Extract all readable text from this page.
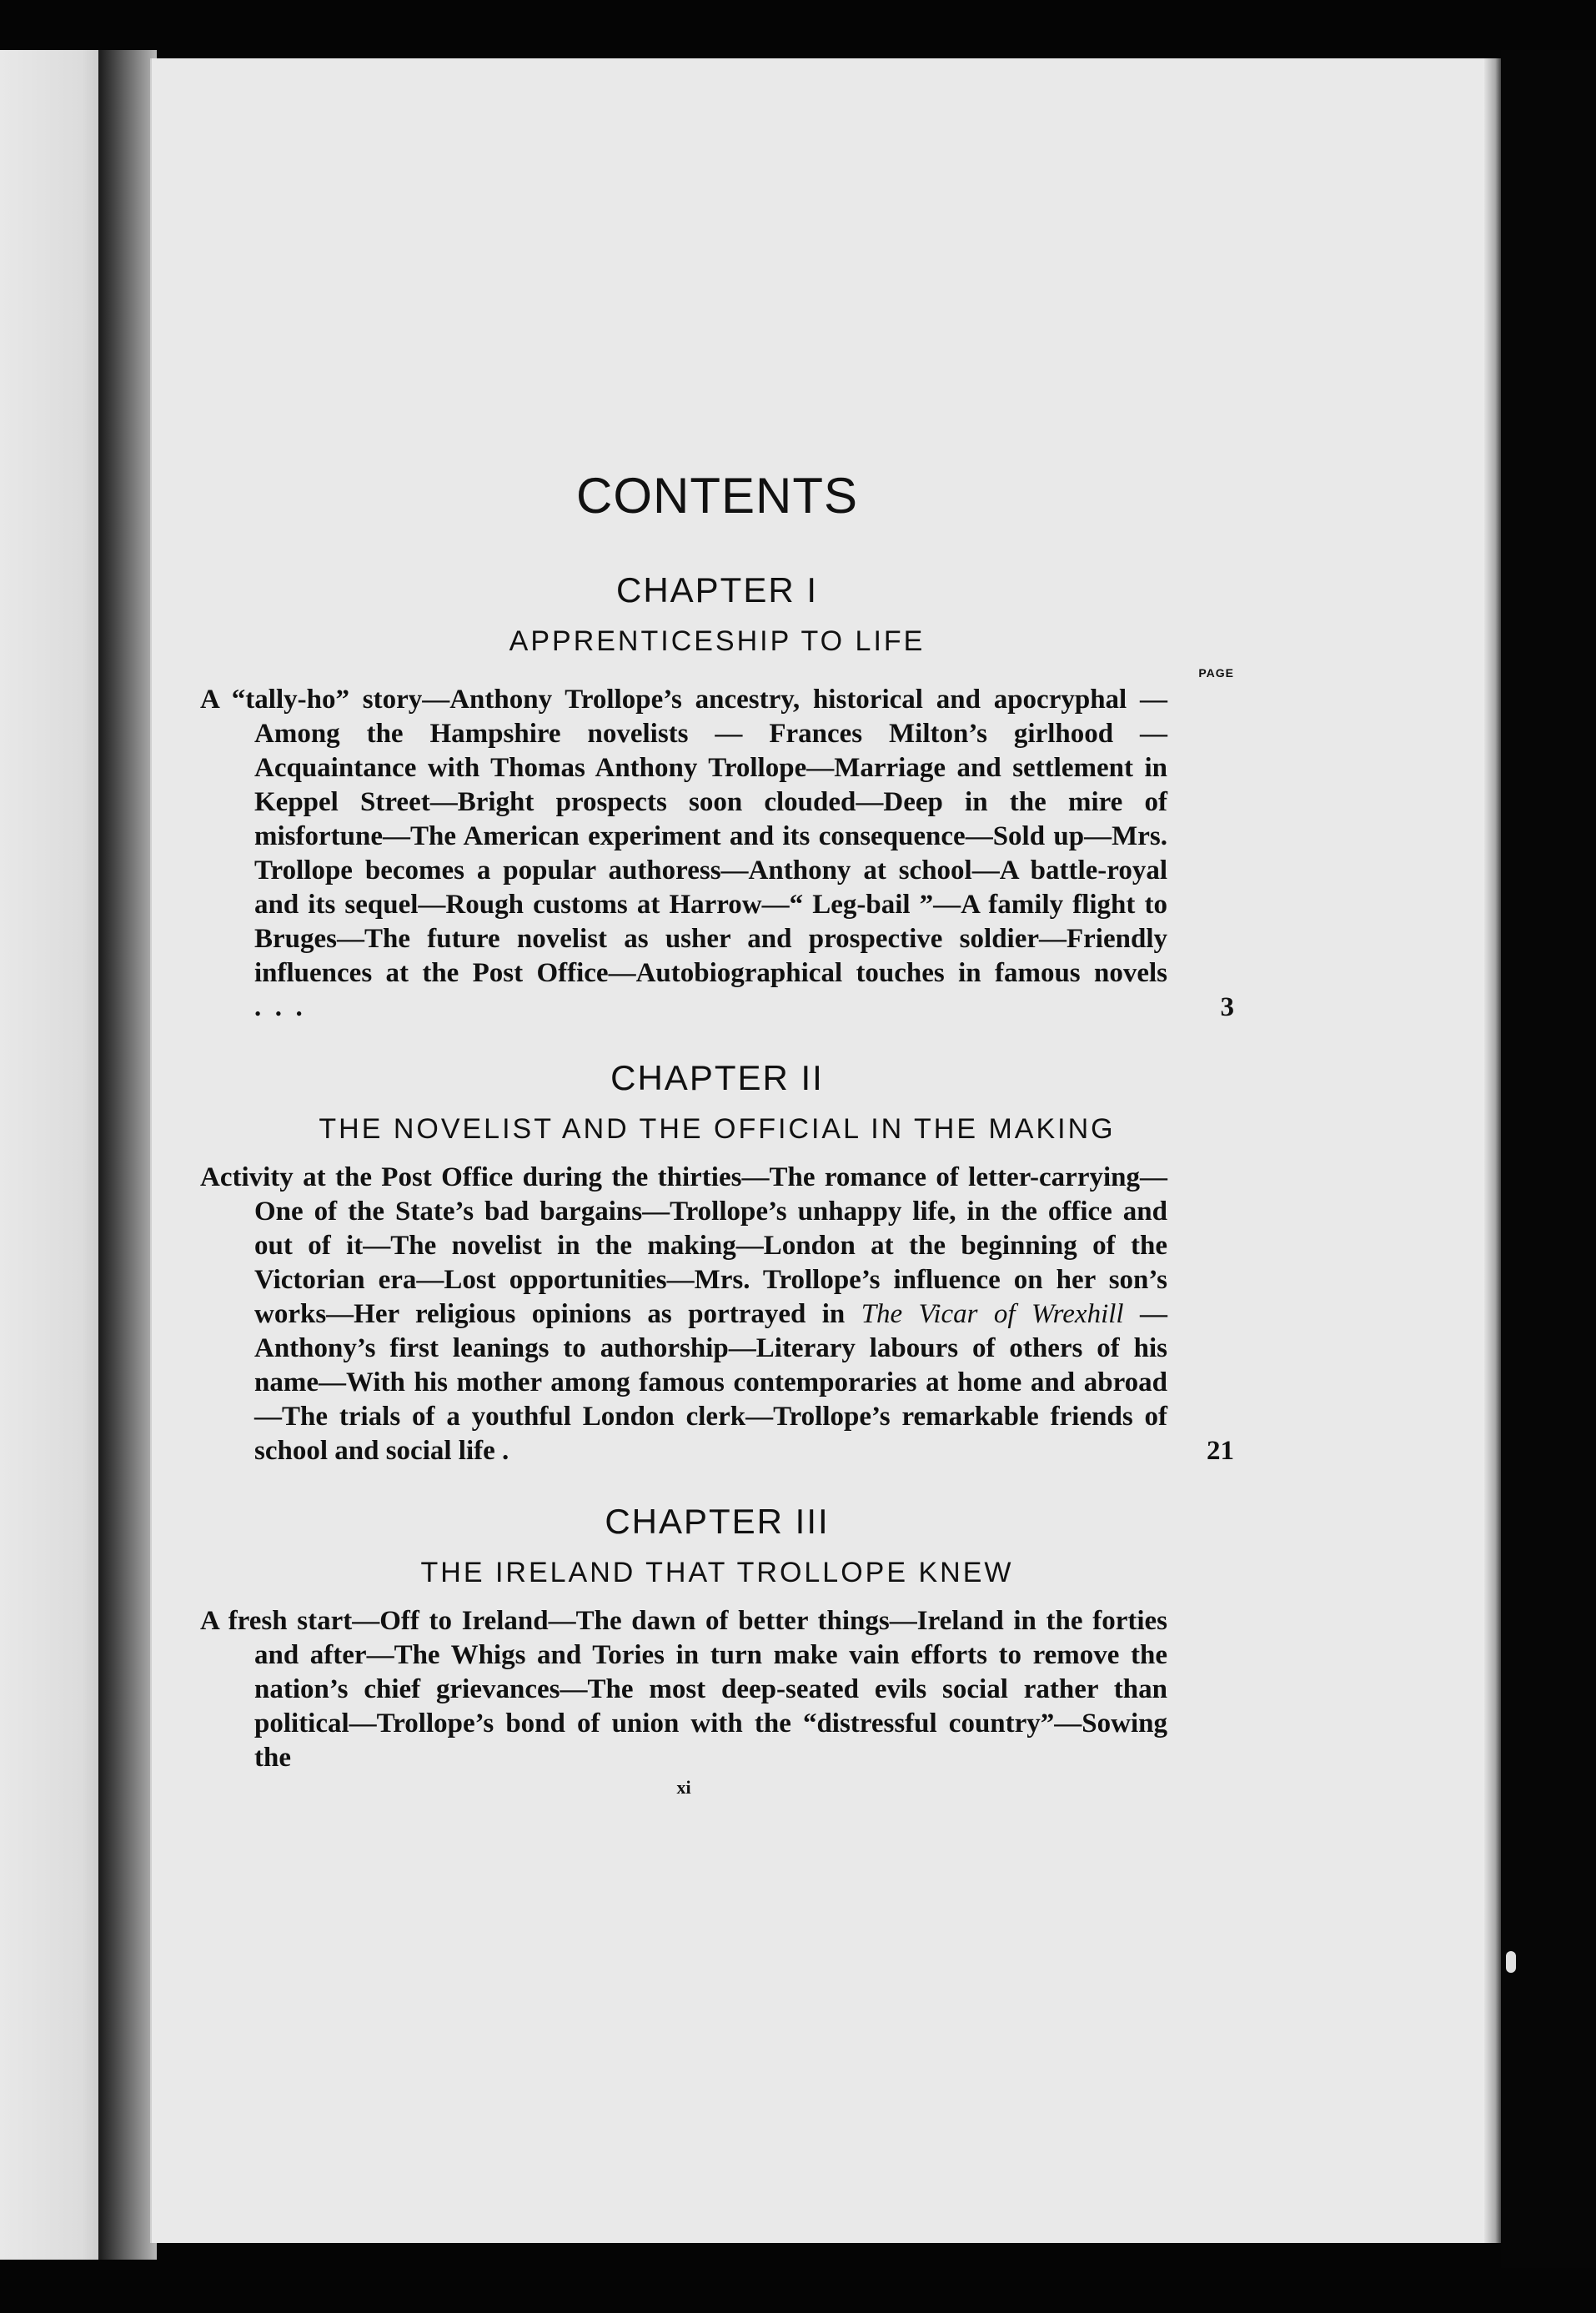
CONTENTS
CHAPTER I
APPRENTICESHIP TO LIFE
PAGE
A “tally-ho” story—Anthony Trollope’s ancestry, historical and apocryphal — Among the Hampshire novelists — Frances Milton’s girlhood — Acquaintance with Thomas Anthony Trollope—Marriage and settlement in Keppel Street—Bright prospects soon clouded—Deep in the mire of misfortune—The American experiment and its consequence—Sold up—Mrs. Trollope becomes a popular authoress—Anthony at school—A battle-royal and its sequel—Rough customs at Harrow—“ Leg-bail ”—A family flight to Bruges—The future novelist as usher and prospective soldier—Friendly influences at the Post Office—Autobiographical touches in famous novels .  .  .	3
CHAPTER II
THE NOVELIST AND THE OFFICIAL IN THE MAKING
Activity at the Post Office during the thirties—The romance of letter-carrying—One of the State’s bad bargains—Trollope’s unhappy life, in the office and out of it—The novelist in the making—London at the beginning of the Victorian era—Lost opportunities—Mrs. Trollope’s influence on her son’s works—Her religious opinions as portrayed in The Vicar of Wrexhill —Anthony’s first leanings to authorship—Literary labours of others of his name—With his mother among famous contemporaries at home and abroad—The trials of a youthful London clerk—Trollope’s remarkable friends of school and social life .	21
CHAPTER III
THE IRELAND THAT TROLLOPE KNEW
A fresh start—Off to Ireland—The dawn of better things—Ireland in the forties and after—The Whigs and Tories in turn make vain efforts to remove the nation’s chief grievances—The most deep-seated evils social rather than political—Trollope’s bond of union with the “distressful country”—Sowing the
xi
